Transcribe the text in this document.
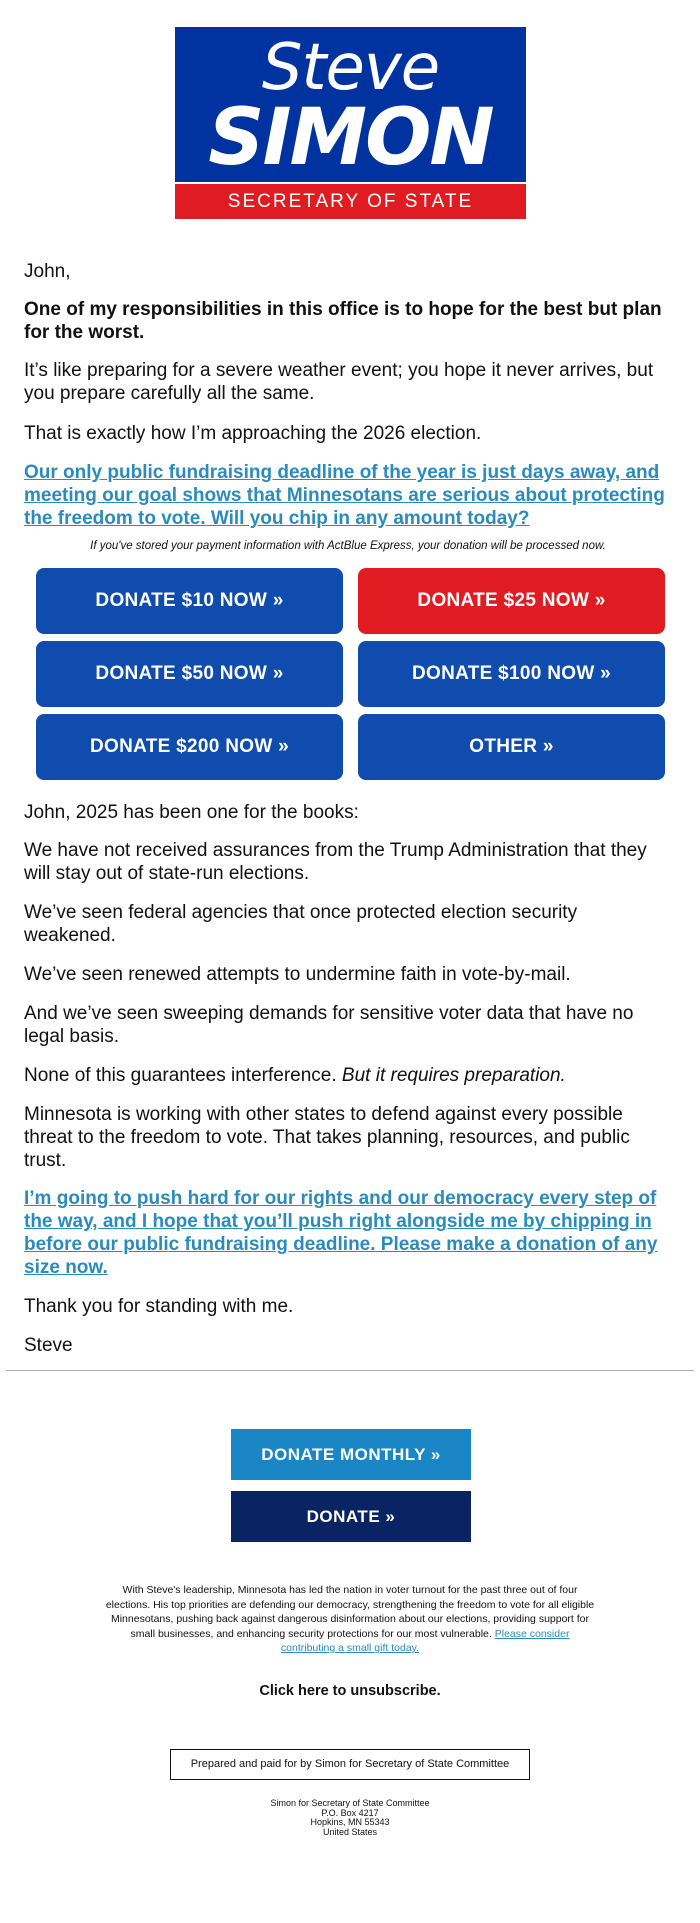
Steve
SIMON
SECRETARY OF STATE

John,

One of my responsibilities in this office is to hope for the best but plan for the worst.

It’s like preparing for a severe weather event; you hope it never arrives, but you prepare carefully all the same.

That is exactly how I’m approaching the 2026 election.

Our only public fundraising deadline of the year is just days away, and meeting our goal shows that Minnesotans are serious about protecting the freedom to vote. Will you chip in any amount today?

If you've stored your payment information with ActBlue Express, your donation will be processed now.
DONATE $10 NOW »	DONATE $25 NOW »
DONATE $50 NOW »	DONATE $100 NOW »
DONATE $200 NOW »	OTHER »

John, 2025 has been one for the books:

We have not received assurances from the Trump Administration that they will stay out of state-run elections.

We’ve seen federal agencies that once protected election security weakened.

We’ve seen renewed attempts to undermine faith in vote-by-mail.

And we’ve seen sweeping demands for sensitive voter data that have no legal basis.

None of this guarantees interference. But it requires preparation.

Minnesota is working with other states to defend against every possible threat to the freedom to vote. That takes planning, resources, and public trust.

I’m going to push hard for our rights and our democracy every step of the way, and I hope that you’ll push right alongside me by chipping in before our public fundraising deadline. Please make a donation of any size now.

Thank you for standing with me.

Steve

DONATE MONTHLY »
DONATE »
With Steve's leadership, Minnesota has led the nation in voter turnout for the past three out of four elections. His top priorities are defending our democracy, strengthening the freedom to vote for all eligible Minnesotans, pushing back against dangerous disinformation about our elections, providing support for small businesses, and enhancing security protections for our most vulnerable. Please consider contributing a small gift today.
Click here to unsubscribe.
Prepared and paid for by Simon for Secretary of State Committee
Simon for Secretary of State Committee
P.O. Box 4217
Hopkins, MN 55343
United States
